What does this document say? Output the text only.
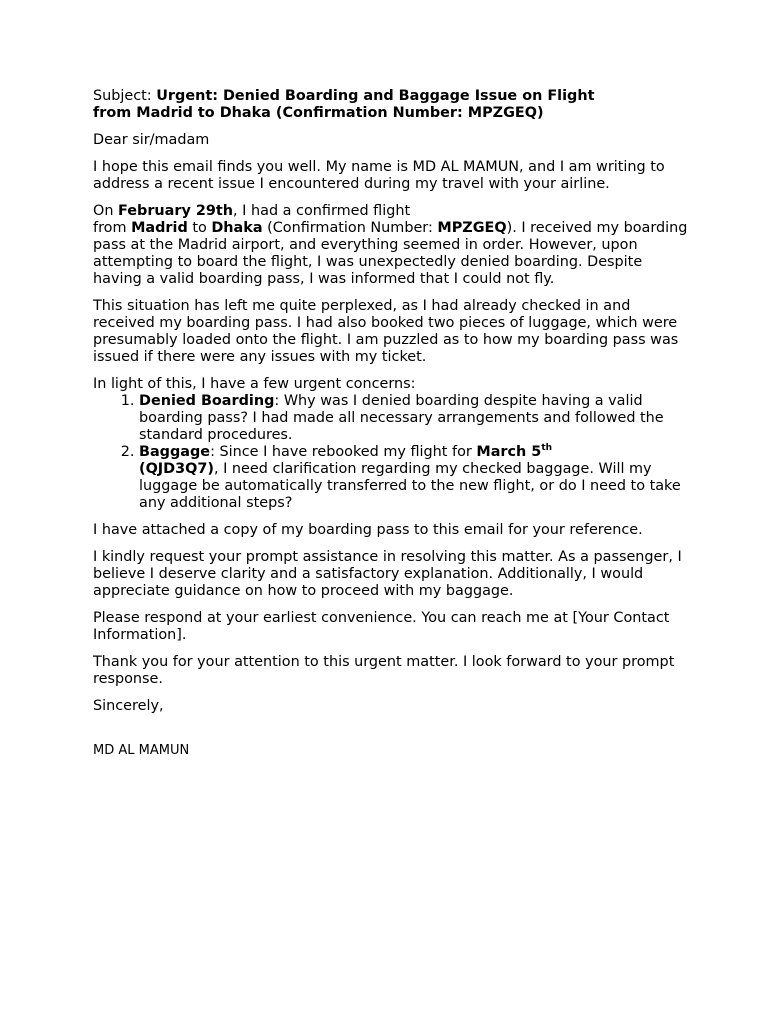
Subject: Urgent: Denied Boarding and Baggage Issue on Flight
from Madrid to Dhaka (Confirmation Number: MPZGEQ)

Dear sir/madam

I hope this email finds you well. My name is MD AL MAMUN, and I am writing to address a recent issue I encountered during my travel with your airline.

On February 29th, I had a confirmed flight
from Madrid to Dhaka (Confirmation Number: MPZGEQ). I received my boarding pass at the Madrid airport, and everything seemed in order. However, upon attempting to board the flight, I was unexpectedly denied boarding. Despite having a valid boarding pass, I was informed that I could not fly.

This situation has left me quite perplexed, as I had already checked in and received my boarding pass. I had also booked two pieces of luggage, which were presumably loaded onto the flight. I am puzzled as to how my boarding pass was issued if there were any issues with my ticket.

In light of this, I have a few urgent concerns:

1. Denied Boarding: Why was I denied boarding despite having a valid boarding pass? I had made all necessary arrangements and followed the standard procedures.
2. Baggage: Since I have rebooked my flight for March 5th
(QJD3Q7), I need clarification regarding my checked baggage. Will my luggage be automatically transferred to the new flight, or do I need to take any additional steps?

I have attached a copy of my boarding pass to this email for your reference.

I kindly request your prompt assistance in resolving this matter. As a passenger, I believe I deserve clarity and a satisfactory explanation. Additionally, I would appreciate guidance on how to proceed with my baggage.

Please respond at your earliest convenience. You can reach me at [Your Contact Information].

Thank you for your attention to this urgent matter. I look forward to your prompt response.

Sincerely,

MD AL MAMUN
